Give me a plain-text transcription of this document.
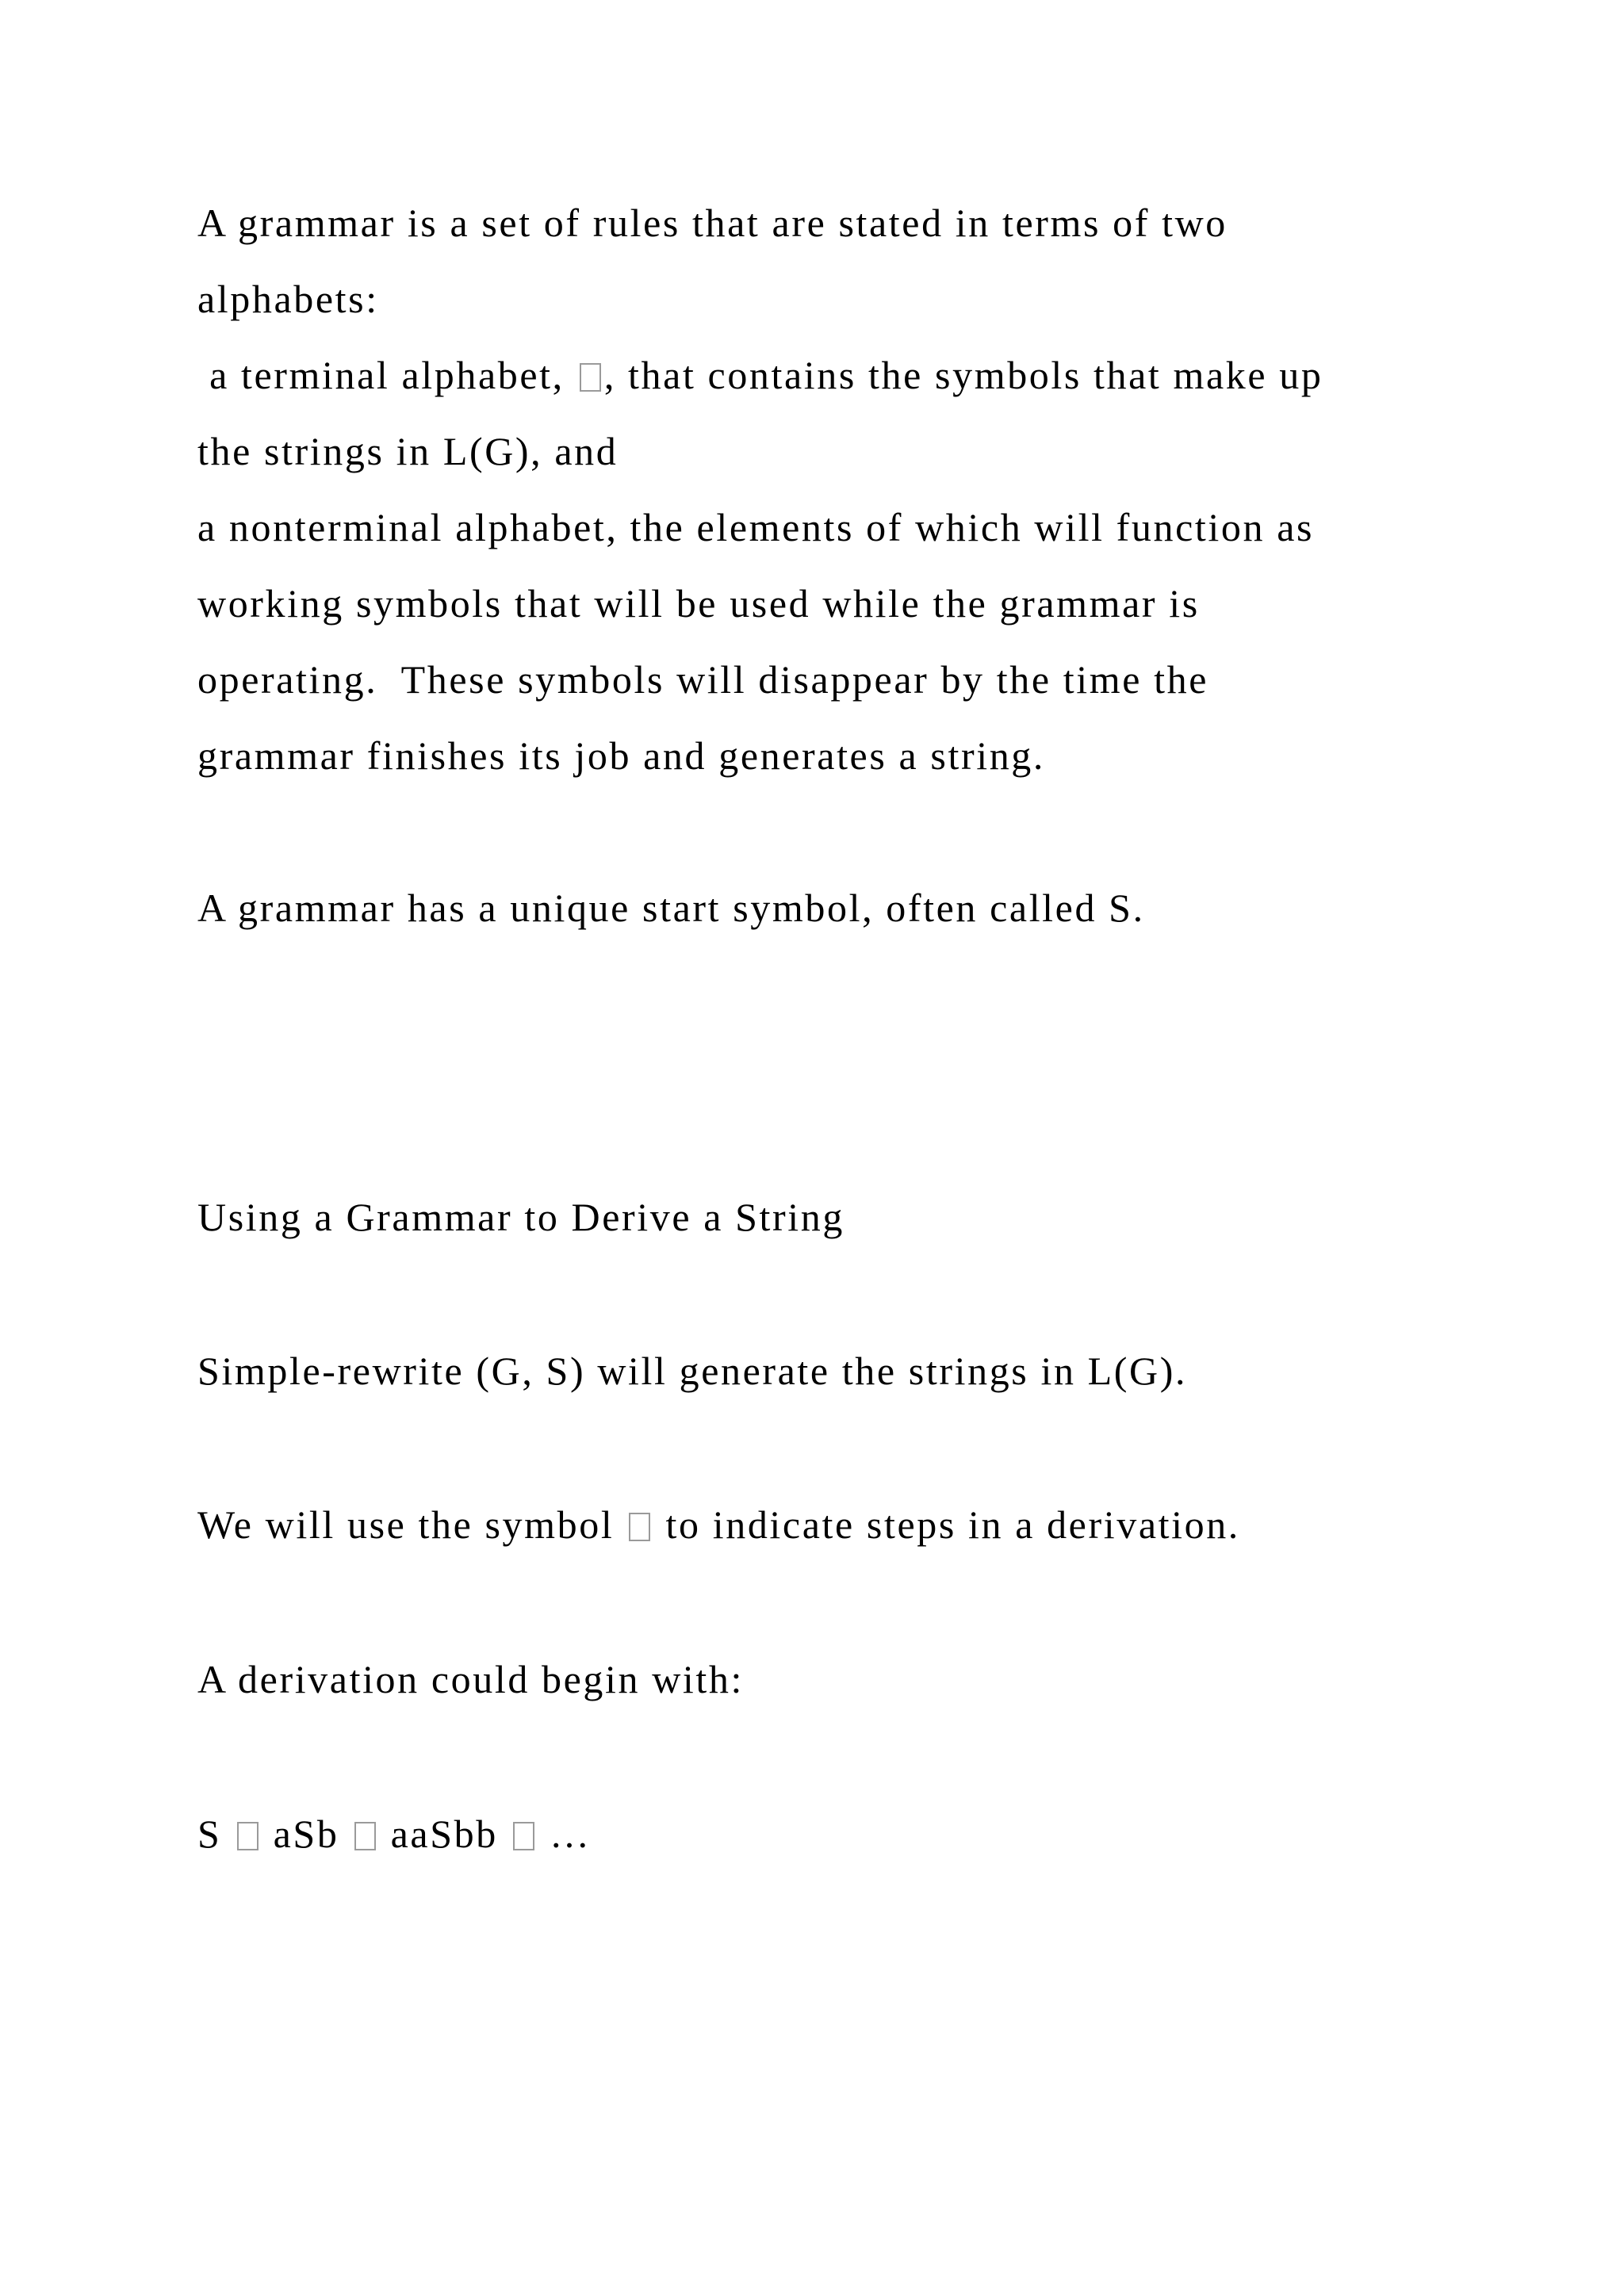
A grammar is a set of rules that are stated in terms of two

alphabets:

a terminal alphabet, , that contains the symbols that make up

the strings in L(G), and

a nonterminal alphabet, the elements of which will function as

working symbols that will be used while the grammar is

operating.  These symbols will disappear by the time the

grammar finishes its job and generates a string.

A grammar has a unique start symbol, often called S.

Using a Grammar to Derive a String

Simple-rewrite (G, S) will generate the strings in L(G).

We will use the symbol  to indicate steps in a derivation.

A derivation could begin with:

S  aSb  aaSbb  …
